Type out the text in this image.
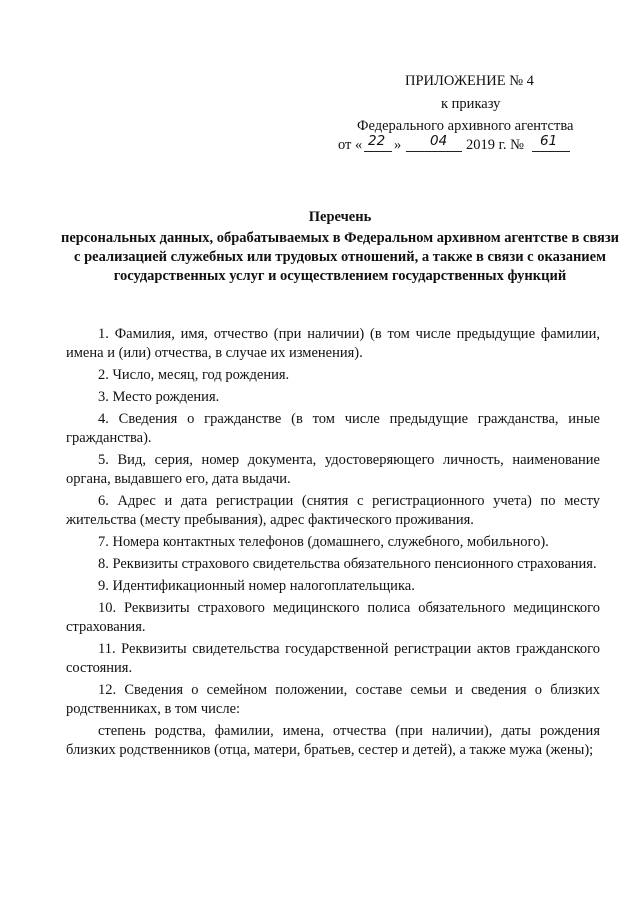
ПРИЛОЖЕНИЕ № 4
к приказу
Федерального архивного агентства
от « 22 » 04 2019 г. № 61
Перечень
персональных данных, обрабатываемых в Федеральном архивном агентстве в связи с реализацией служебных или трудовых отношений, а также в связи с оказанием государственных услуг и осуществлением государственных функций

1. Фамилия, имя, отчество (при наличии) (в том числе предыдущие фамилии, имена и (или) отчества, в случае их изменения).

2. Число, месяц, год рождения.

3. Место рождения.

4. Сведения о гражданстве (в том числе предыдущие гражданства, иные гражданства).

5. Вид, серия, номер документа, удостоверяющего личность, наименование органа, выдавшего его, дата выдачи.

6. Адрес и дата регистрации (снятия с регистрационного учета) по месту жительства (месту пребывания), адрес фактического проживания.

7. Номера контактных телефонов (домашнего, служебного, мобильного).

8. Реквизиты страхового свидетельства обязательного пенсионного страхования.

9. Идентификационный номер налогоплательщика.

10. Реквизиты страхового медицинского полиса обязательного медицинского страхования.

11. Реквизиты свидетельства государственной регистрации актов гражданского состояния.

12. Сведения о семейном положении, составе семьи и сведения о близких родственниках, в том числе:

степень родства, фамилии, имена, отчества (при наличии), даты рождения близких родственников (отца, матери, братьев, сестер и детей), а также мужа (жены);
